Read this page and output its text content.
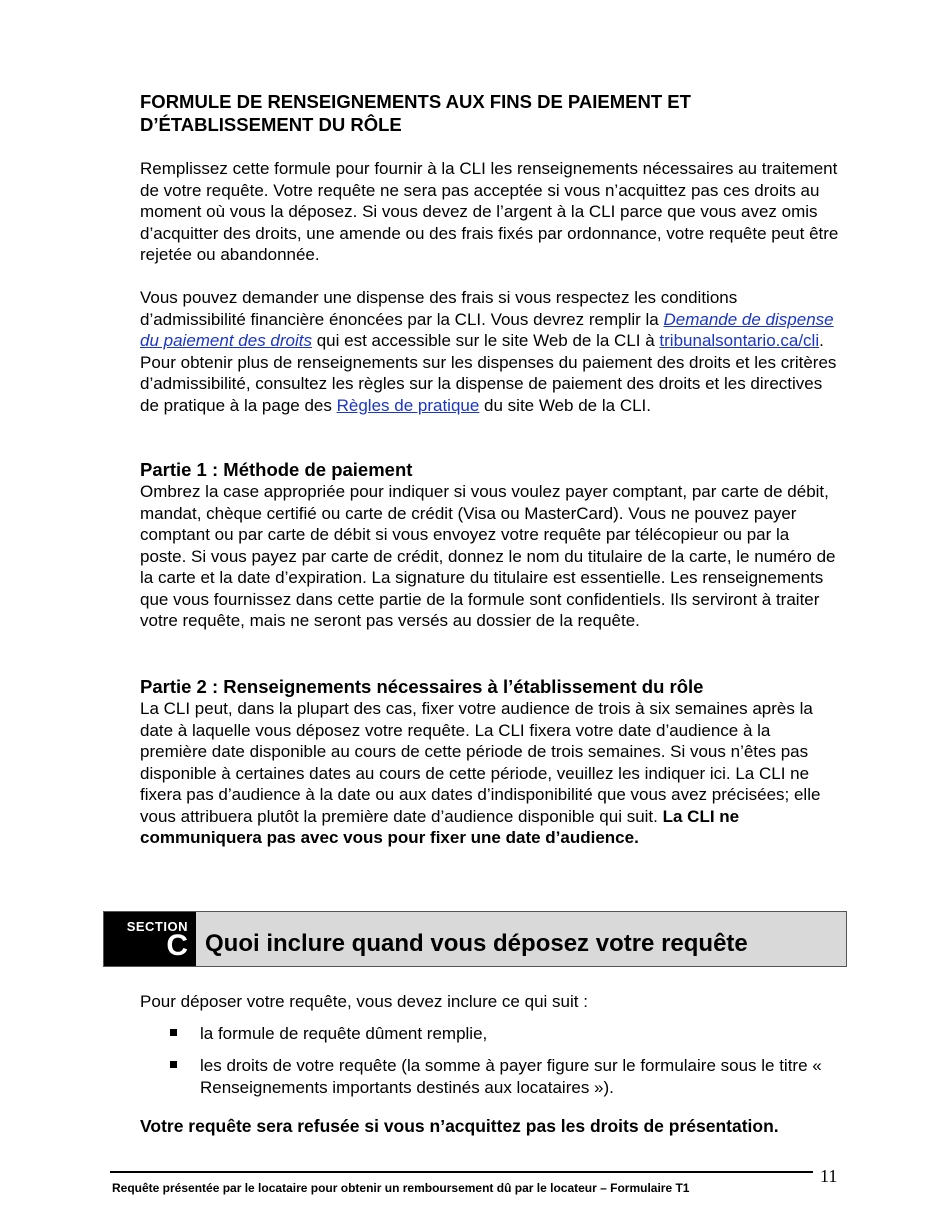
FORMULE DE RENSEIGNEMENTS AUX FINS DE PAIEMENT ET

D’ÉTABLISSEMENT DU RÔLE

Remplissez cette formule pour fournir à la CLI les renseignements nécessaires au traitement de votre requête. Votre requête ne sera pas acceptée si vous n’acquittez pas ces droits au moment où vous la déposez. Si vous devez de l’argent à la CLI parce que vous avez omis d’acquitter des droits, une amende ou des frais fixés par ordonnance, votre requête peut être rejetée ou abandonnée.

Vous pouvez demander une dispense des frais si vous respectez les conditions d’admissibilité financière énoncées par la CLI. Vous devrez remplir la Demande de dispense du paiement des droits qui est accessible sur le site Web de la CLI à tribunalsontario.ca/cli. Pour obtenir plus de renseignements sur les dispenses du paiement des droits et les critères d’admissibilité, consultez les règles sur la dispense de paiement des droits et les directives de pratique à la page des Règles de pratique du site Web de la CLI.

Partie 1 : Méthode de paiement

Ombrez la case appropriée pour indiquer si vous voulez payer comptant, par carte de débit, mandat, chèque certifié ou carte de crédit (Visa ou MasterCard). Vous ne pouvez payer comptant ou par carte de débit si vous envoyez votre requête par télécopieur ou par la poste. Si vous payez par carte de crédit, donnez le nom du titulaire de la carte, le numéro de la carte et la date d’expiration. La signature du titulaire est essentielle. Les renseignements que vous fournissez dans cette partie de la formule sont confidentiels. Ils serviront à traiter votre requête, mais ne seront pas versés au dossier de la requête.

Partie 2 : Renseignements nécessaires à l’établissement du rôle

La CLI peut, dans la plupart des cas, fixer votre audience de trois à six semaines après la date à laquelle vous déposez votre requête. La CLI fixera votre date d’audience à la première date disponible au cours de cette période de trois semaines. Si vous n’êtes pas disponible à certaines dates au cours de cette période, veuillez les indiquer ici. La CLI ne fixera pas d’audience à la date ou aux dates d’indisponibilité que vous avez précisées; elle vous attribuera plutôt la première date d’audience disponible qui suit. La CLI ne communiquera pas avec vous pour fixer une date d’audience.

SECTION
C Quoi inclure quand vous déposez votre requête

Pour déposer votre requête, vous devez inclure ce qui suit :

la formule de requête dûment remplie,
les droits de votre requête (la somme à payer figure sur le formulaire sous le titre « Renseignements importants destinés aux locataires »).

Votre requête sera refusée si vous n’acquittez pas les droits de présentation.

11
Requête présentée par le locataire pour obtenir un remboursement dû par le locateur – Formulaire T1
